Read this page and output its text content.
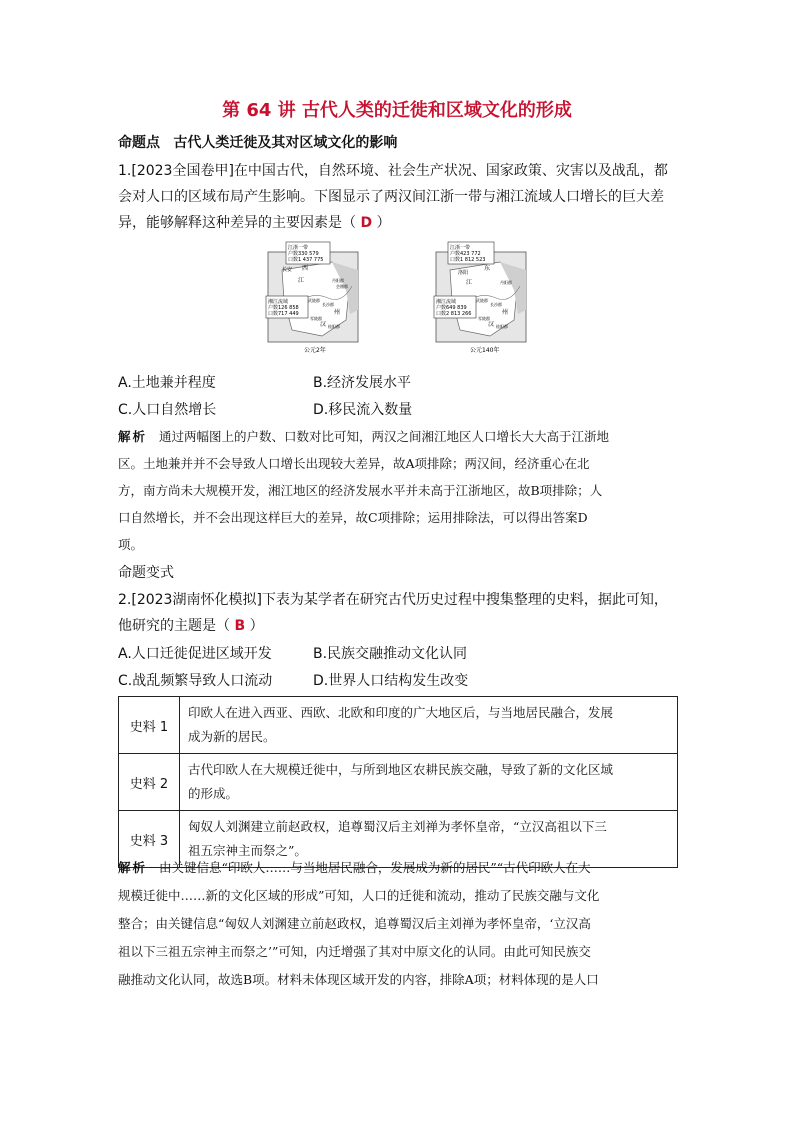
第 64 讲 古代人类的迁徙和区域文化的形成
命题点 古代人类迁徙及其对区域文化的影响
1.[2023全国卷甲]在中国古代，自然环境、社会生产状况、国家政策、灾害以及战乱，都
会对人口的区域布局产生影响。下图显示了两汉间江浙一带与湘江流域人口增长的巨大差
异，能够解释这种差异的主要因素是（ D ）
江浙一带
户数330 579
口数1 437 775
湘江流域
户数126 858
口数717 449
长安 西
江
汉
州
武陵郡
长沙郡
零陵郡
桂阳郡
会稽郡
丹阳郡
公元2年
江浙一带
户数423 772
口数1 812 523
湘江流域
户数649 839
口数2 813 266
洛阳
东
江
汉
州
武陵郡
长沙郡
零陵郡
桂阳郡
丹阳郡
公元140年
A.土地兼并程度	B.经济发展水平
C.人口自然增长	D.移民流入数量
解析 通过两幅图上的户数、口数对比可知，两汉之间湘江地区人口增长大大高于江浙地
区。土地兼并并不会导致人口增长出现较大差异，故A项排除；两汉间，经济重心在北
方，南方尚未大规模开发，湘江地区的经济发展水平并未高于江浙地区，故B项排除；人
口自然增长，并不会出现这样巨大的差异，故C项排除；运用排除法，可以得出答案D
项。
命题变式
2.[2023湖南怀化模拟]下表为某学者在研究古代历史过程中搜集整理的史料，据此可知，
他研究的主题是（ B ）
A.人口迁徙促进区域开发	B.民族交融推动文化认同
C.战乱频繁导致人口流动	D.世界人口结构发生改变
史料 1	印欧人在进入西亚、西欧、北欧和印度的广大地区后，与当地居民融合，发展
成为新的居民。

史料 2	古代印欧人在大规模迁徙中，与所到地区农耕民族交融，导致了新的文化区域
的形成。

史料 3	匈奴人刘渊建立前赵政权，追尊蜀汉后主刘禅为孝怀皇帝，“立汉高祖以下三
祖五宗神主而祭之”。
解析 由关键信息“印欧人……与当地居民融合，发展成为新的居民”“古代印欧人在大
规模迁徙中……新的文化区域的形成”可知，人口的迁徙和流动，推动了民族交融与文化
整合；由关键信息“匈奴人刘渊建立前赵政权，追尊蜀汉后主刘禅为孝怀皇帝，‘立汉高
祖以下三祖五宗神主而祭之’”可知，内迁增强了其对中原文化的认同。由此可知民族交
融推动文化认同，故选B项。材料未体现区域开发的内容，排除A项；材料体现的是人口
